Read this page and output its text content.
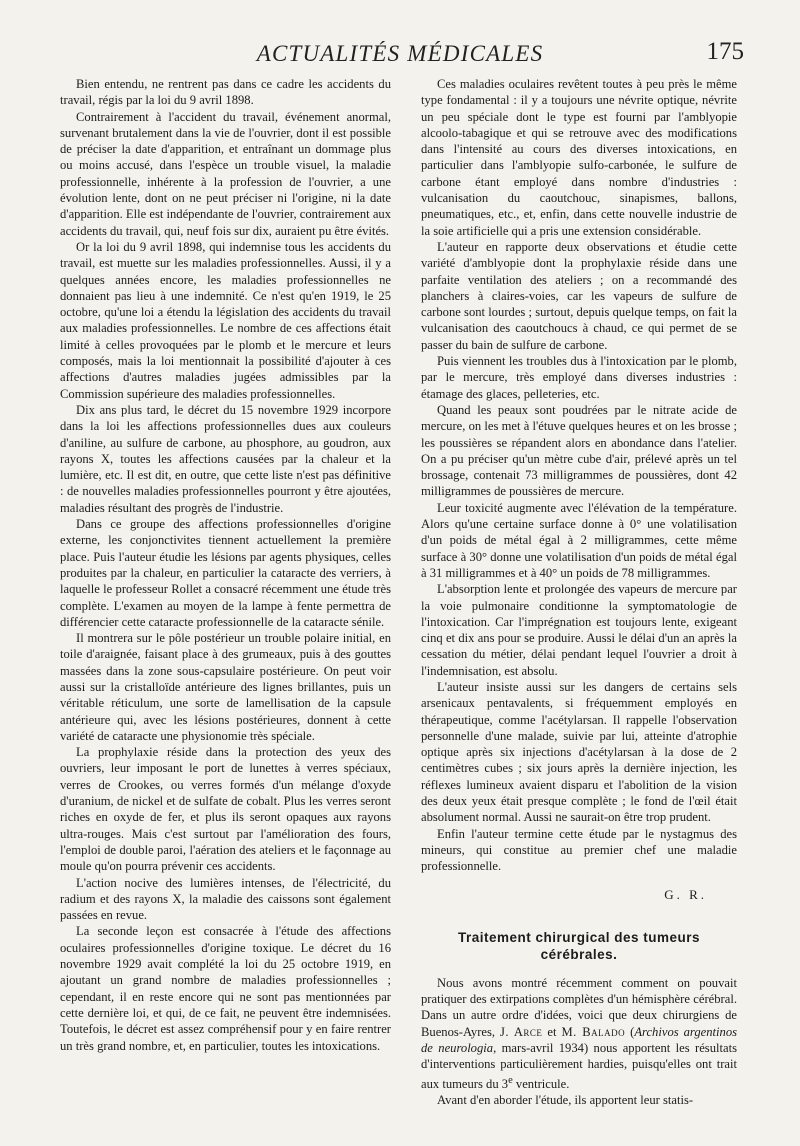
ACTUALITÉS MÉDICALES	175

Bien entendu, ne rentrent pas dans ce cadre les accidents du travail, régis par la loi du 9 avril 1898.

Contrairement à l'accident du travail, événement anormal, survenant brutalement dans la vie de l'ouvrier, dont il est possible de préciser la date d'apparition, et entraînant un dommage plus ou moins accusé, dans l'espèce un trouble visuel, la maladie professionnelle, inhérente à la profession de l'ouvrier, a une évolution lente, dont on ne peut préciser ni l'origine, ni la date d'apparition. Elle est indépendante de l'ouvrier, contrairement aux accidents du travail, qui, neuf fois sur dix, auraient pu être évités.

Or la loi du 9 avril 1898, qui indemnise tous les accidents du travail, est muette sur les maladies professionnelles. Aussi, il y a quelques années encore, les maladies professionnelles ne donnaient pas lieu à une indemnité. Ce n'est qu'en 1919, le 25 octobre, qu'une loi a étendu la législation des accidents du travail aux maladies professionnelles. Le nombre de ces affections était limité à celles provoquées par le plomb et le mercure et leurs composés, mais la loi mentionnait la possibilité d'ajouter à ces affections d'autres maladies jugées admissibles par la Commission supérieure des maladies professionnelles.

Dix ans plus tard, le décret du 15 novembre 1929 incorpore dans la loi les affections professionnelles dues aux couleurs d'aniline, au sulfure de carbone, au phosphore, au goudron, aux rayons X, toutes les affections causées par la chaleur et la lumière, etc. Il est dit, en outre, que cette liste n'est pas définitive : de nouvelles maladies professionnelles pourront y être ajoutées, maladies résultant des progrès de l'industrie.

Dans ce groupe des affections professionnelles d'origine externe, les conjonctivites tiennent actuellement la première place. Puis l'auteur étudie les lésions par agents physiques, celles produites par la chaleur, en particulier la cataracte des verriers, à laquelle le professeur Rollet a consacré récemment une étude très complète. L'examen au moyen de la lampe à fente permettra de différencier cette cataracte professionnelle de la cataracte sénile.

Il montrera sur le pôle postérieur un trouble polaire initial, en toile d'araignée, faisant place à des grumeaux, puis à des gouttes massées dans la zone sous-capsulaire postérieure. On peut voir aussi sur la cristalloïde antérieure des lignes brillantes, puis un véritable réticulum, une sorte de lamellisation de la capsule antérieure qui, avec les lésions postérieures, donnent à cette variété de cataracte une physionomie très spéciale.

La prophylaxie réside dans la protection des yeux des ouvriers, leur imposant le port de lunettes à verres spéciaux, verres de Crookes, ou verres formés d'un mélange d'oxyde d'uranium, de nickel et de sulfate de cobalt. Plus les verres seront riches en oxyde de fer, et plus ils seront opaques aux rayons ultra-rouges. Mais c'est surtout par l'amélioration des fours, l'emploi de double paroi, l'aération des ateliers et le façonnage au moule qu'on pourra prévenir ces accidents.

L'action nocive des lumières intenses, de l'électricité, du radium et des rayons X, la maladie des caissons sont également passées en revue.

La seconde leçon est consacrée à l'étude des affections oculaires professionnelles d'origine toxique. Le décret du 16 novembre 1929 avait complété la loi du 25 octobre 1919, en ajoutant un grand nombre de maladies professionnelles ; cependant, il en reste encore qui ne sont pas mentionnées par cette dernière loi, et qui, de ce fait, ne peuvent être indemnisées. Toutefois, le décret est assez compréhensif pour y en faire rentrer un très grand nombre, et, en particulier, toutes les intoxications.

Ces maladies oculaires revêtent toutes à peu près le même type fondamental : il y a toujours une névrite optique, névrite un peu spéciale dont le type est fourni par l'amblyopie alcoolo-tabagique et qui se retrouve avec des modifications dans l'intensité au cours des diverses intoxications, en particulier dans l'amblyopie sulfo-carbonée, le sulfure de carbone étant employé dans nombre d'industries : vulcanisation du caoutchouc, sinapismes, ballons, pneumatiques, etc., et, enfin, dans cette nouvelle industrie de la soie artificielle qui a pris une extension considérable.

L'auteur en rapporte deux observations et étudie cette variété d'amblyopie dont la prophylaxie réside dans une parfaite ventilation des ateliers ; on a recommandé des planchers à claires-voies, car les vapeurs de sulfure de carbone sont lourdes ; surtout, depuis quelque temps, on fait la vulcanisation des caoutchoucs à chaud, ce qui permet de se passer du bain de sulfure de carbone.

Puis viennent les troubles dus à l'intoxication par le plomb, par le mercure, très employé dans diverses industries : étamage des glaces, pelleteries, etc.

Quand les peaux sont poudrées par le nitrate acide de mercure, on les met à l'étuve quelques heures et on les brosse ; les poussières se répandent alors en abondance dans l'atelier. On a pu préciser qu'un mètre cube d'air, prélevé après un tel brossage, contenait 73 milligrammes de poussières, dont 42 milligrammes de poussières de mercure.

Leur toxicité augmente avec l'élévation de la température. Alors qu'une certaine surface donne à 0° une volatilisation d'un poids de métal égal à 2 milligrammes, cette même surface à 30° donne une volatilisation d'un poids de métal égal à 31 milligrammes et à 40° un poids de 78 milligrammes.

L'absorption lente et prolongée des vapeurs de mercure par la voie pulmonaire conditionne la symptomatologie de l'intoxication. Car l'imprégnation est toujours lente, exigeant cinq et dix ans pour se produire. Aussi le délai d'un an après la cessation du métier, délai pendant lequel l'ouvrier a droit à l'indemnisation, est absolu.

L'auteur insiste aussi sur les dangers de certains sels arsenicaux pentavalents, si fréquemment employés en thérapeutique, comme l'acétylarsan. Il rappelle l'observation personnelle d'une malade, suivie par lui, atteinte d'atrophie optique après six injections d'acétylarsan à la dose de 2 centimètres cubes ; six jours après la dernière injection, les réflexes lumineux avaient disparu et l'abolition de la vision des deux yeux était presque complète ; le fond de l'œil était absolument normal. Aussi ne saurait-on être trop prudent.

Enfin l'auteur termine cette étude par le nystagmus des mineurs, qui constitue au premier chef une maladie professionnelle.

G. R.
Traitement chirurgical des tumeurs
cérébrales.

Nous avons montré récemment comment on pouvait pratiquer des extirpations complètes d'un hémisphère cérébral. Dans un autre ordre d'idées, voici que deux chirurgiens de Buenos-Ayres, J. Arce et M. Balado (Archivos argentinos de neurologia, mars-avril 1934) nous apportent les résultats d'interventions particulièrement hardies, puisqu'elles ont trait aux tumeurs du 3e ventricule.

Avant d'en aborder l'étude, ils apportent leur statis-
